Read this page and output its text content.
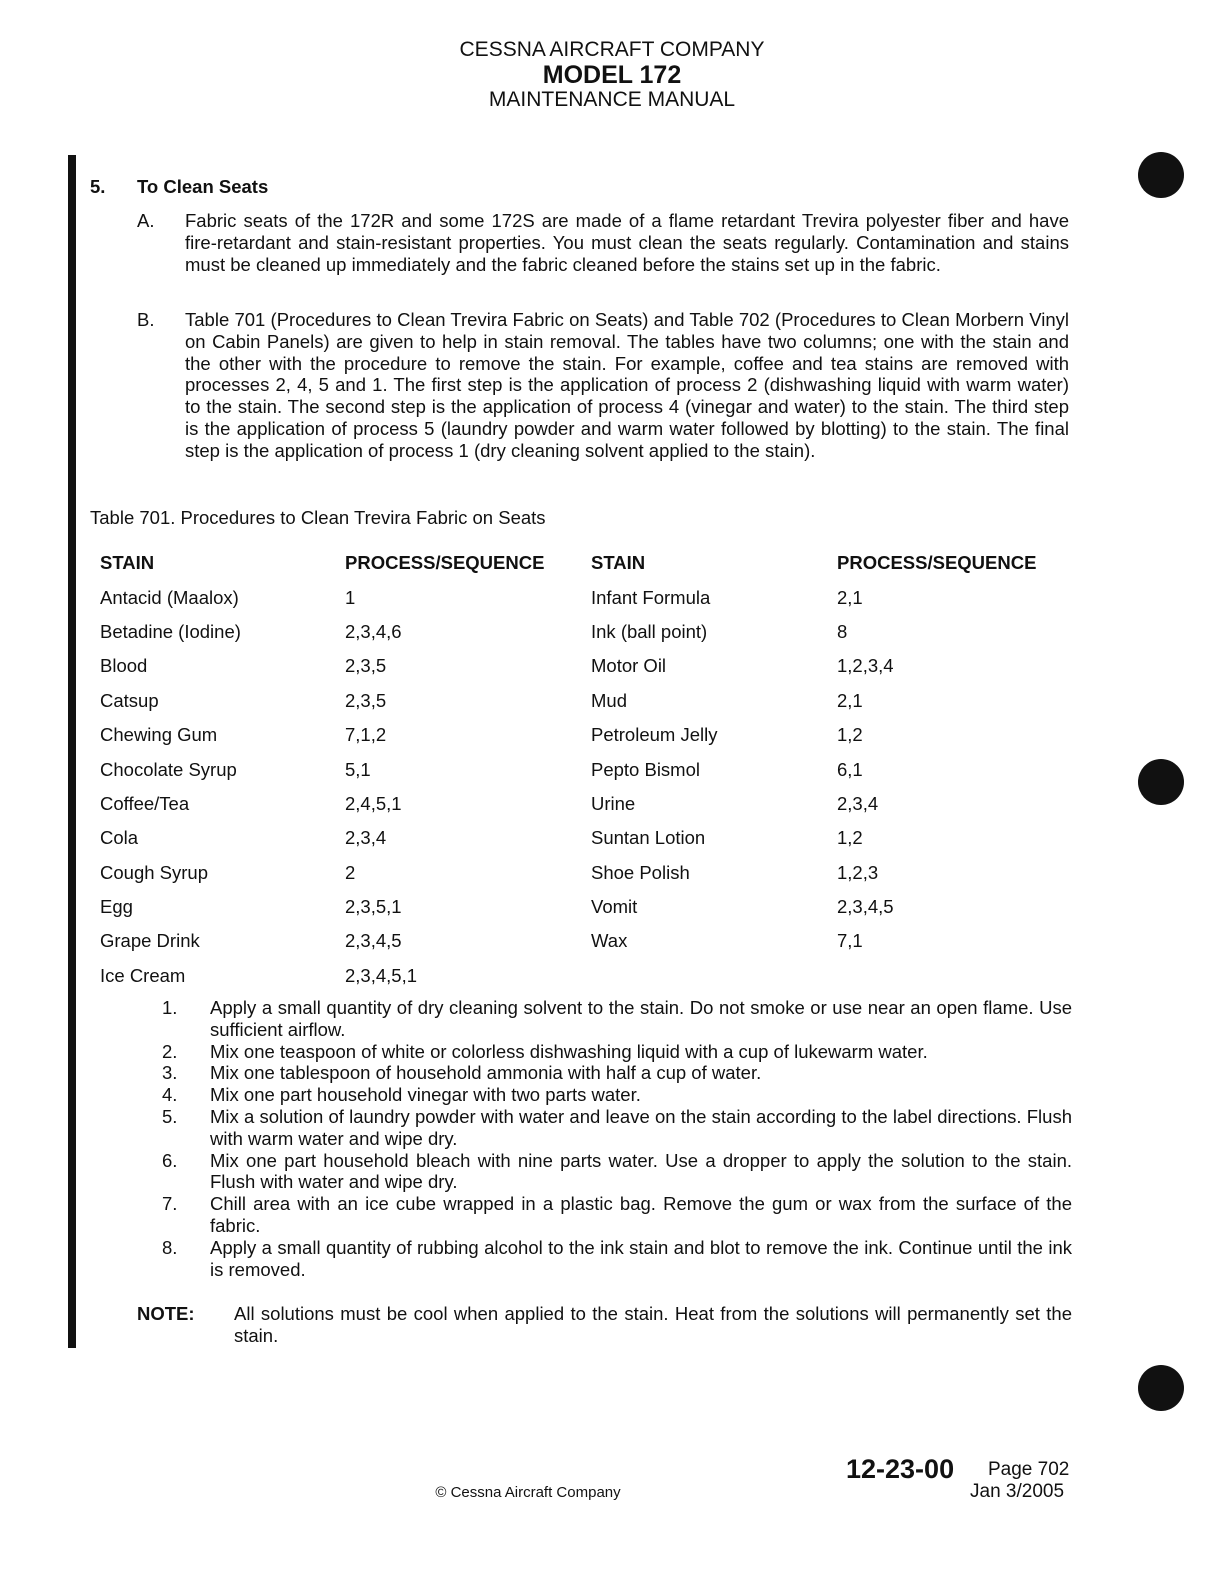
CESSNA AIRCRAFT COMPANY
MODEL 172
MAINTENANCE MANUAL
5. To Clean Seats
A. Fabric seats of the 172R and some 172S are made of a flame retardant Trevira polyester fiber and have fire-retardant and stain-resistant properties. You must clean the seats regularly. Contamination and stains must be cleaned up immediately and the fabric cleaned before the stains set up in the fabric.
B. Table 701 (Procedures to Clean Trevira Fabric on Seats) and Table 702 (Procedures to Clean Morbern Vinyl on Cabin Panels) are given to help in stain removal. The tables have two columns; one with the stain and the other with the procedure to remove the stain. For example, coffee and tea stains are removed with processes 2, 4, 5 and 1. The first step is the application of process 2 (dishwashing liquid with warm water) to the stain. The second step is the application of process 4 (vinegar and water) to the stain. The third step is the application of process 5 (laundry powder and warm water followed by blotting) to the stain. The final step is the application of process 1 (dry cleaning solvent applied to the stain).
Table 701. Procedures to Clean Trevira Fabric on Seats
STAIN	PROCESS/SEQUENCE	STAIN	PROCESS/SEQUENCE
Antacid (Maalox)	1	Infant Formula	2,1
Betadine (Iodine)	2,3,4,6	Ink (ball point)	8
Blood	2,3,5	Motor Oil	1,2,3,4
Catsup	2,3,5	Mud	2,1
Chewing Gum	7,1,2	Petroleum Jelly	1,2
Chocolate Syrup	5,1	Pepto Bismol	6,1
Coffee/Tea	2,4,5,1	Urine	2,3,4
Cola	2,3,4	Suntan Lotion	1,2
Cough Syrup	2	Shoe Polish	1,2,3
Egg	2,3,5,1	Vomit	2,3,4,5
Grape Drink	2,3,4,5	Wax	7,1
Ice Cream	2,3,4,5,1		
1. Apply a small quantity of dry cleaning solvent to the stain. Do not smoke or use near an open flame. Use sufficient airflow.
2. Mix one teaspoon of white or colorless dishwashing liquid with a cup of lukewarm water.
3. Mix one tablespoon of household ammonia with half a cup of water.
4. Mix one part household vinegar with two parts water.
5. Mix a solution of laundry powder with water and leave on the stain according to the label directions. Flush with warm water and wipe dry.
6. Mix one part household bleach with nine parts water. Use a dropper to apply the solution to the stain. Flush with water and wipe dry.
7. Chill area with an ice cube wrapped in a plastic bag. Remove the gum or wax from the surface of the fabric.
8. Apply a small quantity of rubbing alcohol to the ink stain and blot to remove the ink. Continue until the ink is removed.
NOTE: All solutions must be cool when applied to the stain. Heat from the solutions will permanently set the stain.
12-23-00 Page 702
© Cessna Aircraft Company	Jan 3/2005
